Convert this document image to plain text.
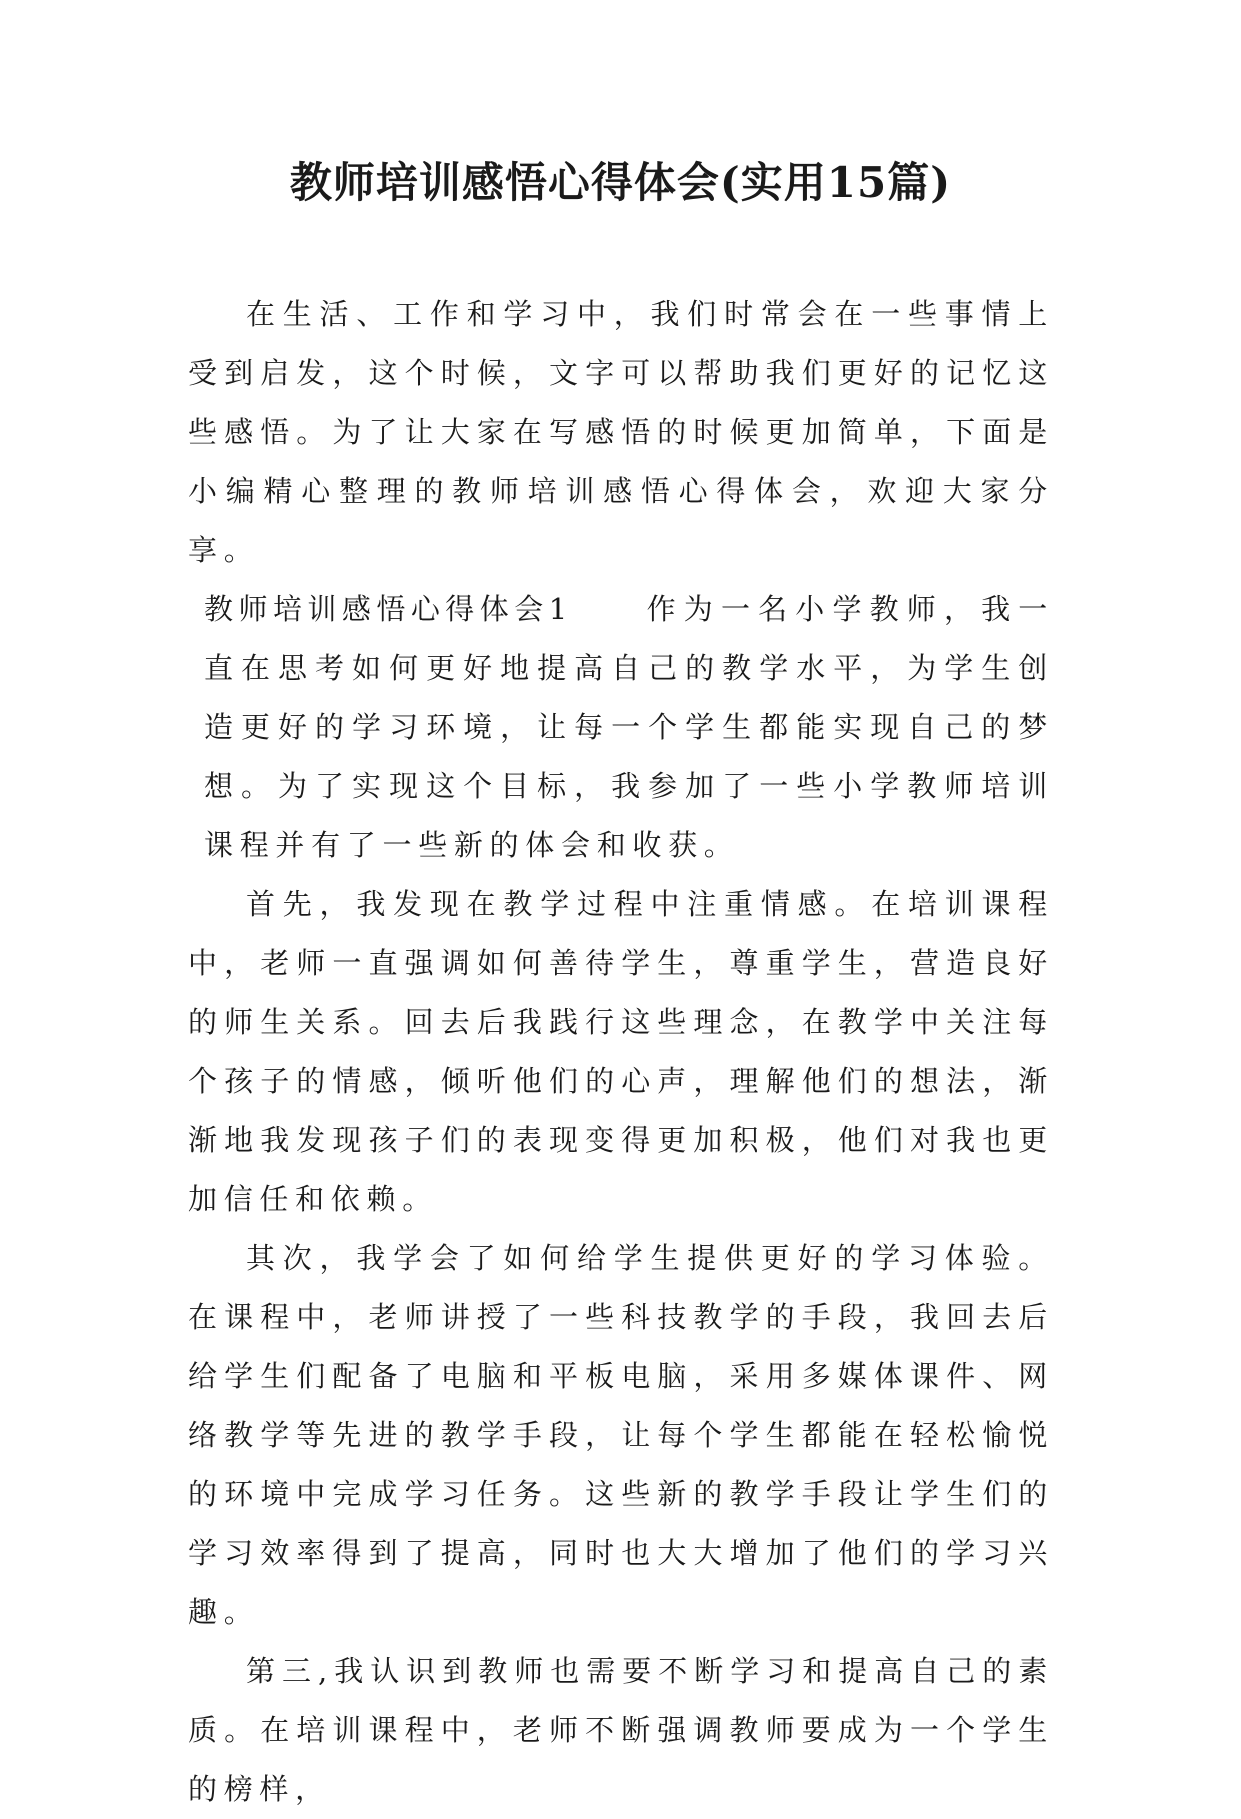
教师培训感悟心得体会(实用15篇)

在生活、工作和学习中，我们时常会在一些事情上受到启发，这个时候，文字可以帮助我们更好的记忆这些感悟。为了让大家在写感悟的时候更加简单，下面是小编精心整理的教师培训感悟心得体会，欢迎大家分享。

教师培训感悟心得体会1	作为一名小学教师，我一直在思考如何更好地提高自己的教学水平，为学生创造更好的学习环境，让每一个学生都能实现自己的梦想。为了实现这个目标，我参加了一些小学教师培训课程并有了一些新的体会和收获。

首先，我发现在教学过程中注重情感。在培训课程中，老师一直强调如何善待学生，尊重学生，营造良好的师生关系。回去后我践行这些理念，在教学中关注每个孩子的情感，倾听他们的心声，理解他们的想法，渐渐地我发现孩子们的表现变得更加积极，他们对我也更加信任和依赖。

其次，我学会了如何给学生提供更好的学习体验。在课程中，老师讲授了一些科技教学的手段，我回去后给学生们配备了电脑和平板电脑，采用多媒体课件、网络教学等先进的教学手段，让每个学生都能在轻松愉悦的环境中完成学习任务。这些新的教学手段让学生们的学习效率得到了提高，同时也大大增加了他们的学习兴趣。

第三,我认识到教师也需要不断学习和提高自己的素质。在培训课程中，老师不断强调教师要成为一个学生的榜样，
